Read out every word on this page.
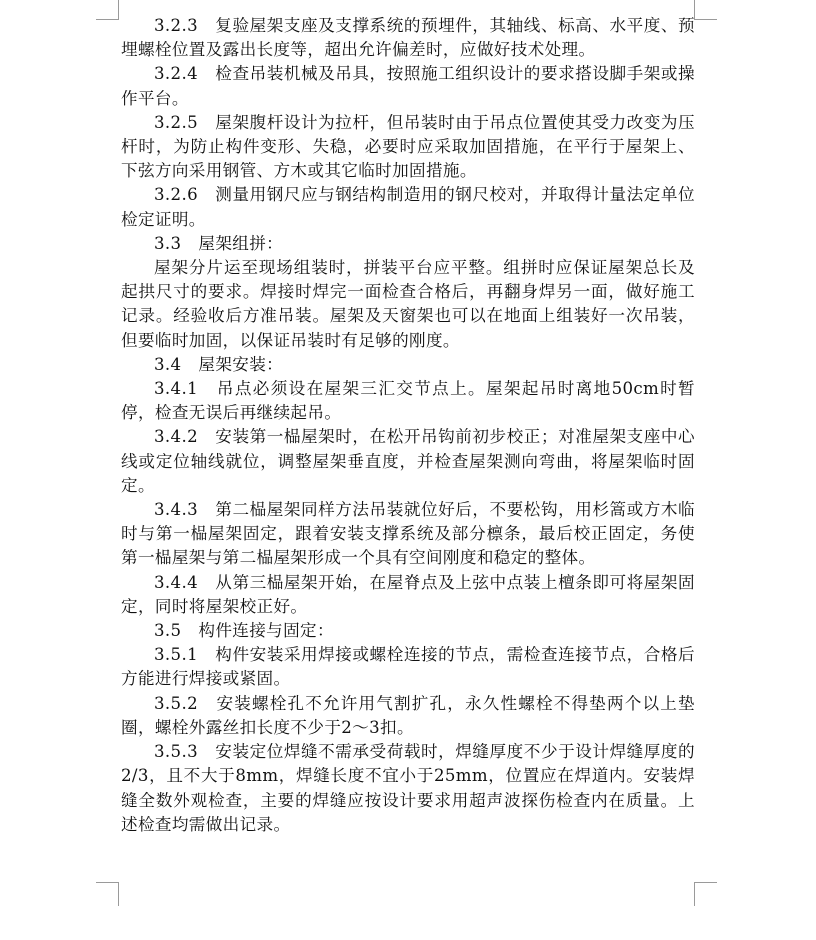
3.2.3　复验屋架支座及支撑系统的预埋件，其轴线、标高、水平度、预埋螺栓位置及露出长度等，超出允许偏差时，应做好技术处理。

3.2.4　检查吊装机械及吊具，按照施工组织设计的要求搭设脚手架或操作平台。

3.2.5　屋架腹杆设计为拉杆，但吊装时由于吊点位置使其受力改变为压杆时，为防止构件变形、失稳，必要时应采取加固措施，在平行于屋架上、下弦方向采用钢管、方木或其它临时加固措施。

3.2.6　测量用钢尺应与钢结构制造用的钢尺校对，并取得计量法定单位检定证明。

3.3　屋架组拼：

屋架分片运至现场组装时，拼装平台应平整。组拼时应保证屋架总长及起拱尺寸的要求。焊接时焊完一面检查合格后，再翻身焊另一面，做好施工记录。经验收后方准吊装。屋架及天窗架也可以在地面上组装好一次吊装，但要临时加固，以保证吊装时有足够的刚度。

3.4　屋架安装：

3.4.1　吊点必须设在屋架三汇交节点上。屋架起吊时离地50cm时暂停，检查无误后再继续起吊。

3.4.2　安装第一榀屋架时，在松开吊钩前初步校正；对准屋架支座中心线或定位轴线就位，调整屋架垂直度，并检查屋架测向弯曲，将屋架临时固定。

3.4.3　第二榀屋架同样方法吊装就位好后，不要松钩，用杉篙或方木临时与第一榀屋架固定，跟着安装支撑系统及部分檩条，最后校正固定，务使第一榀屋架与第二榀屋架形成一个具有空间刚度和稳定的整体。

3.4.4　从第三榀屋架开始，在屋脊点及上弦中点装上檀条即可将屋架固定，同时将屋架校正好。

3.5　构件连接与固定：

3.5.1　构件安装采用焊接或螺栓连接的节点，需检查连接节点，合格后方能进行焊接或紧固。

3.5.2　安装螺栓孔不允许用气割扩孔，永久性螺栓不得垫两个以上垫圈，螺栓外露丝扣长度不少于2～3扣。

3.5.3　安装定位焊缝不需承受荷载时，焊缝厚度不少于设计焊缝厚度的2/3，且不大于8mm，焊缝长度不宜小于25mm，位置应在焊道内。安装焊缝全数外观检查，主要的焊缝应按设计要求用超声波探伤检查内在质量。上述检查均需做出记录。
